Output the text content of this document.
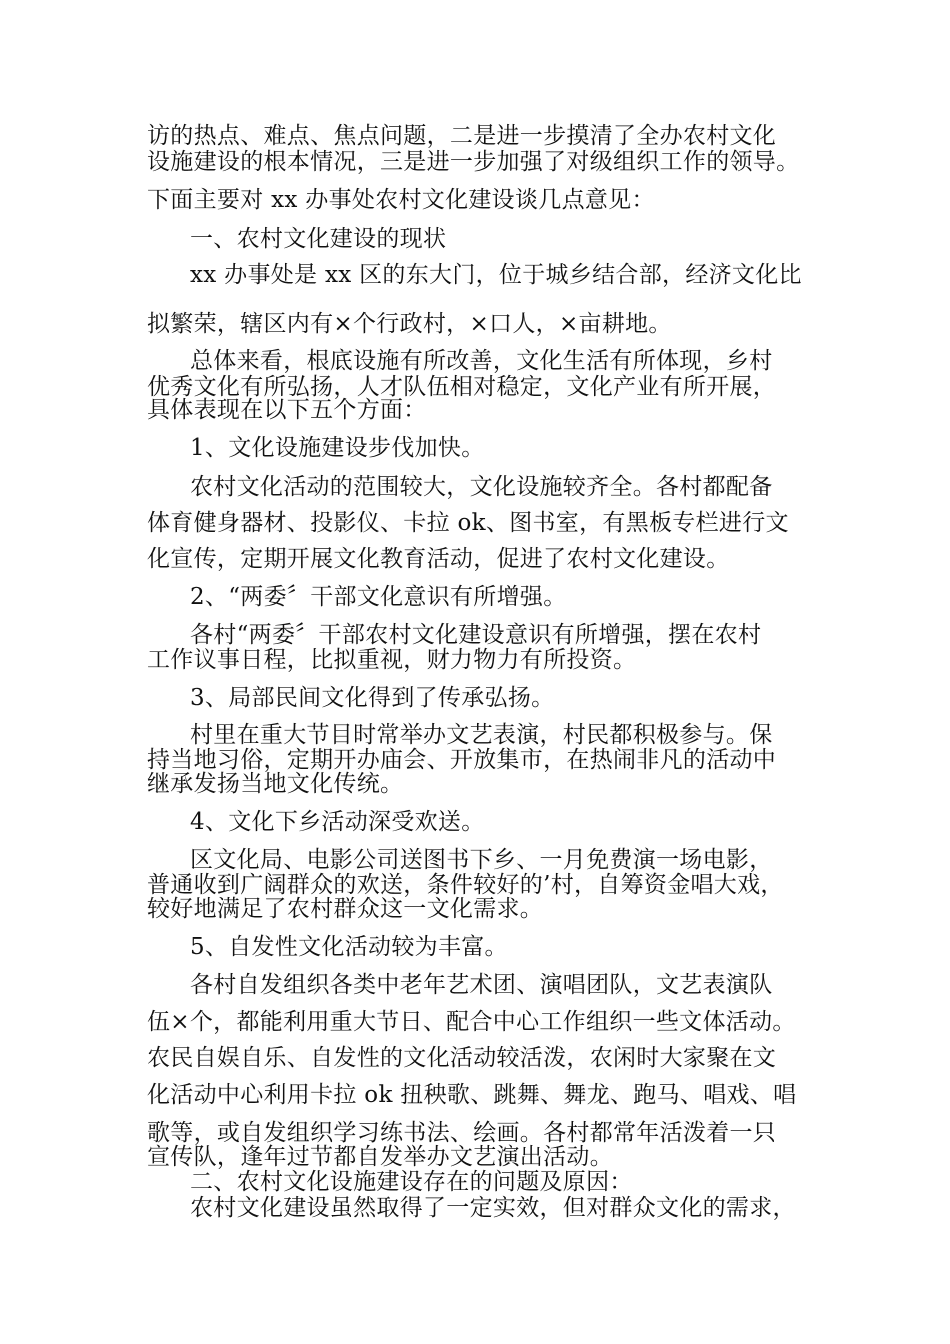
访的热点、难点、焦点问题，二是进一步摸清了全办农村文化

设施建设的根本情况，三是进一步加强了对级组织工作的领导。

下面主要对 xx 办事处农村文化建设谈几点意见：

一、农村文化建设的现状

xx 办事处是 xx 区的东大门，位于城乡结合部，经济文化比

拟繁荣，辖区内有×个行政村，×口人，×亩耕地。

总体来看，根底设施有所改善，文化生活有所体现，乡村

优秀文化有所弘扬，人才队伍相对稳定，文化产业有所开展，

具体表现在以下五个方面：

1、文化设施建设步伐加快。

农村文化活动的范围较大，文化设施较齐全。各村都配备

体育健身器材、投影仪、卡拉 ok、图书室，有黑板专栏进行文

化宣传，定期开展文化教育活动，促进了农村文化建设。

2、“两委〞干部文化意识有所增强。

各村“两委〞干部农村文化建设意识有所增强，摆在农村

工作议事日程，比拟重视，财力物力有所投资。

3、局部民间文化得到了传承弘扬。

村里在重大节目时常举办文艺表演，村民都积极参与。保

持当地习俗，定期开办庙会、开放集市，在热闹非凡的活动中

继承发扬当地文化传统。

4、文化下乡活动深受欢送。

区文化局、电影公司送图书下乡、一月免费演一场电影，

普通收到广阔群众的欢送，条件较好的’村，自筹资金唱大戏，

较好地满足了农村群众这一文化需求。

5、自发性文化活动较为丰富。

各村自发组织各类中老年艺术团、演唱团队，文艺表演队

伍×个，都能利用重大节日、配合中心工作组织一些文体活动。

农民自娱自乐、自发性的文化活动较活泼，农闲时大家聚在文

化活动中心利用卡拉 ok 扭秧歌、跳舞、舞龙、跑马、唱戏、唱

歌等，或自发组织学习练书法、绘画。各村都常年活泼着一只

宣传队，逢年过节都自发举办文艺演出活动。

二、农村文化设施建设存在的问题及原因：

农村文化建设虽然取得了一定实效，但对群众文化的需求，
